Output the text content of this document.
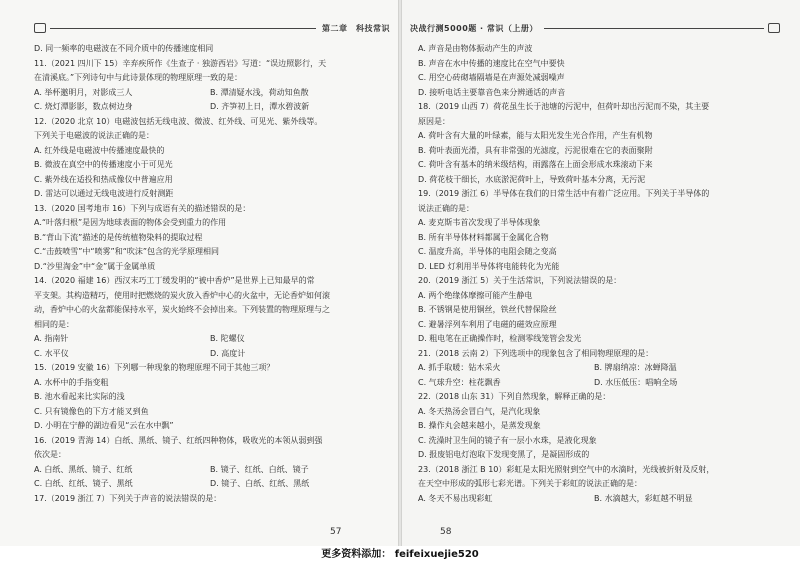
第二章　科技常识	决战行测5000题 · 常识（上册）

D. 同一频率的电磁波在不同介质中的传播速度相同

11.（2021 四川下 15）辛弃疾所作《生查子 · 独游西岩》写道：“误边照影行，天

在清溪底。”下列诗句中与此诗景体现的物理原理一致的是：

A. 举杯邀明月，对影成三人	B. 潭清疑水浅，荷动知鱼散
C. 烧灯潭影影，数点树边身	D. 齐笋初上日，潭水碧波新

12.（2020 北京 10）电磁波包括无线电波、微波、红外线、可见光、紫外线等。

下列关于电磁波的说法正确的是：

A. 红外线是电磁波中传播速度最快的

B. 微波在真空中的传播速度小于可见光

C. 紫外线在适投和热成像仪中普遍应用

D. 雷达可以通过无线电波进行反射测距

13.（2020 国考地市 16）下列与成语有关的描述错误的是：

A.“叶落归根”是因为地球表面的物体会受到重力的作用

B.“背山下流”描述的是传统植物染料的提取过程

C.“击鼓喷雪”中“喷雾”和“吹沫”包含的光学原理相同

D.“沙里淘金”中“金”属于金属单质

14.（2020 福建 16）西汉末巧工丁缓发明的“被中香炉”是世界上已知最早的常

平支架。其构造精巧，使用时把燃烧的炭火放入香炉中心的火盆中，无论香炉如何滚

动，香炉中心的火盆都能保持水平，炭火始终不会掉出来。下列装置的物理原理与之

相同的是：

A. 指南针	B. 陀螺仪
C. 水平仪	D. 高度计

15.（2019 安徽 16）下列哪一种现象的物理原理不同于其他三项？

A. 水杯中的手指变粗

B. 池水看起来比实际的浅

C. 只有镜像色的下方才能叉到鱼

D. 小明在宁静的湖边看见“云在水中飘”

16.（2019 青海 14）白纸、黑纸、镜子、红纸四种物体，吸收光的本领从弱到强

依次是：

A. 白纸、黑纸、镜子、红纸	B. 镜子、红纸、白纸、镜子
C. 白纸、红纸、镜子、黑纸	D. 镜子、白纸、红纸、黑纸

17.（2019 浙江 7）下列关于声音的说法错误的是：

A. 声音是由物体振动产生的声波

B. 声音在水中传播的速度比在空气中要快

C. 用空心砖砌墙隔墙是在声源处减弱噪声

D. 接听电话主要靠音色来分辨通话的声音

18.（2019 山西 7）荷花虽生长于池塘的污泥中，但荷叶却出污泥而不染，其主要

原因是：

A. 荷叶含有大量的叶绿素，能与太阳光发生光合作用，产生有机物

B. 荷叶表面光滑，具有非常强的光滤度，污泥很难在它的表面聚附

C. 荷叶含有基本的纳米级结构，雨露落在上面会形成水珠滚动下来

D. 荷花枝干细长，水底淤泥荷叶上，导致荷叶基本分离，无污泥

19.（2019 浙江 6）半导体在我们的日常生活中有着广泛应用。下列关于半导体的

说法正确的是：

A. 麦克斯韦首次发现了半导体现象

B. 所有半导体材料都属于金属化合物

C. 温度升高，半导体的电阻会随之变高

D. LED 灯利用半导体将电能转化为光能

20.（2019 浙江 5）关于生活常识，下列说法错误的是：

A. 两个绝缘体摩擦可能产生静电

B. 不锈钢是使用铜丝，铁丝代替保险丝

C. 避暑浮列车利用了电磁的磁效应原理

D. 粗电笔在正确操作时，检测零线笼管会发光

21.（2018 云南 2）下列选项中的现象包含了相同物理原理的是：

A. 抓手取暖：钻木采火	B. 牌扇纳凉：冰蝉降温
C. 气球升空：柱花飘香	D. 水压低压：唱响全场

22.（2018 山东 31）下列自然现象，解释正确的是：

A. 冬天热汤会冒白气，是汽化现象

B. 操作丸会越来越小，是蒸发现象

C. 洗澡时卫生间的镜子有一层小水珠，是液化现象

D. 报废铝电灯泡取下发现变黑了，是凝固形成的

23.（2018 浙江 B 10）彩虹是太阳光照射到空气中的水滴时，光线被折射及反射，

在天空中形成的弧形七彩光谱。下列关于彩虹的说法正确的是：

A. 冬天不易出现彩虹	B. 水滴越大，彩虹越不明显
57	58
更多资料添加： feifeixuejie520
